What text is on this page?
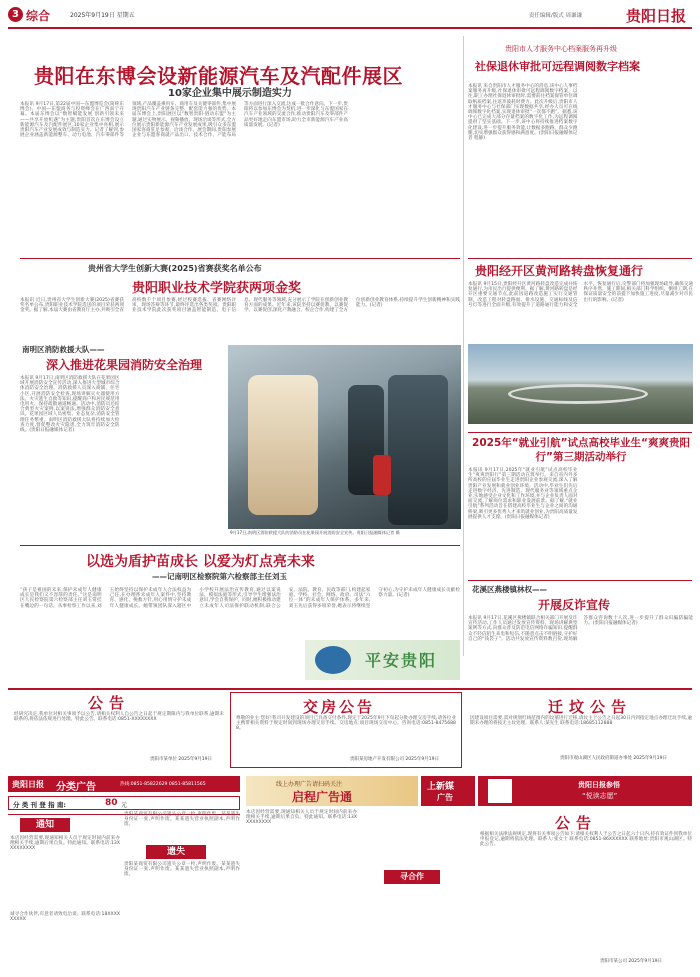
3 综合	2025年9月19日 星期五	责任编辑/版式 周谦谦	贵阳日报
贵阳在东博会设新能源汽车及汽配件展区
10家企业集中展示制造实力
本报讯 9月17日,第22届中国—东盟博览会(简称东博会)、中国—东盟商务与投资峰会在广西南宁开幕。本届东博会以“数智赋能发展 创新引领未来——共享开放机遇”为主题,贵阳首次在东博会设立新能源汽车及汽配件展区,10家企业集中亮相,展示贵阳汽车产业发展成效与制造实力。记者了解到,参展企业涵盖新能源整车、动力电池、汽车零部件等领域,产品覆盖乘用车、商用车及关键零部件,集中展现贵阳汽车产业链条完整、配套能力强的优势。本届东博会上,贵阳展区以“数智贵阳·链动东盟”为主题,通过实物展示、视频播放、现场洽谈等形式,全方位展示贵阳新能源汽车产业发展成果,吸引众多东盟国家客商驻足参观、洽谈合作。展会期间,贵阳参展企业与东盟客商就产品出口、技术合作、产能布局等方面进行深入交流,达成一批合作意向。下一步,贵阳将以参加东博会为契机,进一步深化与东盟国家在汽车产业领域的交流合作,推动贵阳汽车及零部件产品更好地走向东盟市场,助力全市新能源汽车产业高质量发展。(记者)
贵阳市人才服务中心档案服务再升级
社保退休审批可远程调阅数字档案
本报讯 来自贵阳市人才服务中心的消息,该中心人事档案服务再升级,社保退休审批可远程调阅数字档案。以往,职工办理社保退休审批时,需要前往档案保管单位调取纸质档案,往返奔波耗时费力。此次升级后,贵阳市人才服务中心与社保部门实现数据共享,经办人员可在线调阅数字化档案,实现退休审批“一次都不跑”。据悉,该中心已完成大部分存量档案的数字化工作,为远程调阅提供了坚实基础。下一步,该中心将持续推进档案数字化建设,进一步提升服务效能,让数据多跑路、群众少跑腿,切实增强群众获得感和满意度。(贵阳日报融媒体记者 程静)
贵州省大学生创新大赛(2025)省赛获奖名单公布
贵阳职业技术学院获两项金奖
本报讯 近日,贵州省大学生创新大赛(2025)省赛获奖名单公布,贵阳职业技术学院选送的项目荣获两项金奖。据了解,本届大赛由省教育厅主办,共吸引全省高校数千个项目参赛,经过校赛选拔、省赛网络评审、现场答辩等环节,最终评选出各类奖项。贵阳职业技术学院此次获奖项目涵盖智能制造、电子信息、现代服务等领域,充分展示了学院在创新创业教育方面的成果。近年来,该院坚持以赛促教、以赛促学、以赛促创,深化产教融合、校企合作,构建了全方位创新创业教育体系,持续提升学生创新精神和实践能力。(记者)
南明区消防救援大队——
深入推进花果园消防安全治理
本报讯 9月17日,南明区消防救援大队在花果园区域开展消防安全宣传活动,深入推进大型城市综合体消防安全治理。消防救援人员深入商铺、住宅小区,开展消防安全检查,现场讲解灭火器使用方法、火灾逃生自救等知识,提醒商户和居民规范用电用火、保持疏散通道畅通。活动中,消防员还结合典型火灾案例,以案说法,增强群众消防安全意识。花果园区域人员密集、业态复杂,消防安全管理任务繁重。南明区消防救援大队将持续加大检查力度,督促整改火灾隐患,全力筑牢消防安全防线。(贵阳日报融媒体记者)
9月17日,南明区消防救援大队的消防员在花果园开展消防安全宣传。贵阳日报融媒体记者 摄
贵阳经开区黄河路转盘恢复通行
本报讯 9月15日,贵阳经开区黄河路转盘改造完成并恢复通行,为市民出行提供便利。据了解,黄河路转盘是经开区重要交通节点,此前因道路改造施工实行交通管制。改造工程对转盘路面、排水设施、交通标线及信号灯等进行全面升级,有效提升了道路通行能力和安全水平。恢复通行后,交警部门将加强现场疏导,确保交通秩序井然。施工期间,相关部门科学组织、倒排工期,在保证质量安全的前提下加快施工进度,尽量减少对市民出行的影响。(记者)
2025年“就业引航”试点高校毕业生“爽爽贵阳行”第三期活动举行
本报讯 9月17日,2025年“就业引航”试点高校毕业生“爽爽贵阳行”第三期活动在筑举行。来自省内外多所高校的应届毕业生走进贵阳企业参观交流,深入了解贵阳产业发展和就业创业环境。活动中,毕业生们先后走进数字经济、先进制造、现代服务业等领域重点企业,实地感受企业文化和工作环境,并与企业负责人面对面交流,了解岗位需求和职业发展前景。据了解,“就业引航”系列活动旨在搭建高校毕业生与企业之间的沟通桥梁,吸引更多优秀人才来筑就业创业,为贵阳高质量发展提供人才支撑。(贵阳日报融媒体记者)
以选为盾护苗成长 以爱为灯点亮未来
——记南明区检察院第六检察部主任刘玉
“孩子是祖国的未来,保护未成年人健康成长是我们义不容辞的责任。”这是南明区人民检察院第六检察部主任刘玉常挂在嘴边的一句话。从事检察工作以来,刘玉始终坚持以保护未成年人合法权益为己任,在办理涉未成年人案件中,坚持教育、感化、挽救方针,用心用情守护未成年人健康成长。她带领团队深入辖区中小学校开展法治宣传教育,通过以案说法、模拟法庭等形式,引导学生增强法治意识,学会自我保护。同时,她积极推动建立未成年人司法保护联动机制,联合公安、法院、教育、民政等部门,构建起家庭、学校、社会、网络、政府、司法“六位一体”的未成年人保护体系。多年来,刘玉先后获得多项荣誉,她表示将继续坚守初心,为守护未成年人健康成长贡献检察力量。(记者)
平安贵阳
花溪区燕楼镇林权——
开展反诈宣传
本报讯 9月17日,花溪区燕楼镇联合相关部门开展反诈宣传活动,工作人员通过发放宣传资料、现场讲解典型案例等方式,向群众普及防范电信网络诈骗知识,提醒群众不轻信陌生来电和短信,不随意点击不明链接,守护好自己的“钱袋子”。活动共发放宣传资料数百份,现场解答群众咨询数十人次,进一步提升了群众识骗防骗能力。(贵阳日报融媒体记者)
公告
经研究决定,我单位对相关事项予以公告,请相关权利人自公告之日起于规定期限内与我单位联系,逾期未联系的,将依法依规进行处理。特此公告。联系电话:0851-XXXXXXXX
贵阳市某单位 2025年9月19日
交房公告
尊敬的业主:您好!我司开发建设的项目已具备交付条件,现定于2025年9月下旬起分批办理交房手续,请各位业主携带相关资料于规定时间到现场办理交房手续。交房地点:项目现场交房中心。咨询电话:0851-84756888。
贵阳某房地产开发有限公司 2025年9月19日
迁坟公告
因建设项目需要,需对规划红线范围内的坟墓进行迁移,请坟主于公告之日起30日内到指定地点办理迁坟手续,逾期未办理的将按无主坟处理。联系人:某先生 联系电话:18685112888
贵阳市观山湖区人民政府街道办事处 2025年9月19日
贵阳日报 分类广告	热线:0851-85822629 0851-85811565
分 类 刊 登 指 南:	80 元
线上办理广告请扫码关注
启程广告通
上新媒
广告
贵阳日报参悟
“悦读志愿”
通知
本店因经营需要,现通知相关人员于规定时间内前来办理相关手续,逾期后果自负。特此通知。联系电话:13XXXXXXXXX	遗失
贵阳某商贸有限公司遗失公章一枚,声明作废。某某遗失身份证一张,声明作废。某某遗失营业执照副本,声明作废。
贵阳某商贸有限公司遗失公章一枚,声明作废。某某遗失身份证一张,声明作废。某某遗失营业执照副本,声明作废。
本店因经营需要,现通知相关人员于规定时间内前来办理相关手续,逾期后果自负。特此通知。联系电话:13XXXXXXXXX
寻合作
诚寻合作伙伴,有意者请致电洽谈。联系电话:18XXXXXXXXX
公告
根据相关法律法规规定,现将有关事项公告如下:请相关权利人于公告之日起六十日内,持有效证件到我单位申报登记,逾期将依法处理。联系人:张女士 联系电话:0851-86XXXXXX 联系地址:贵阳市观山湖区。特此公告。
贵阳市某公司 2025年9月19日
